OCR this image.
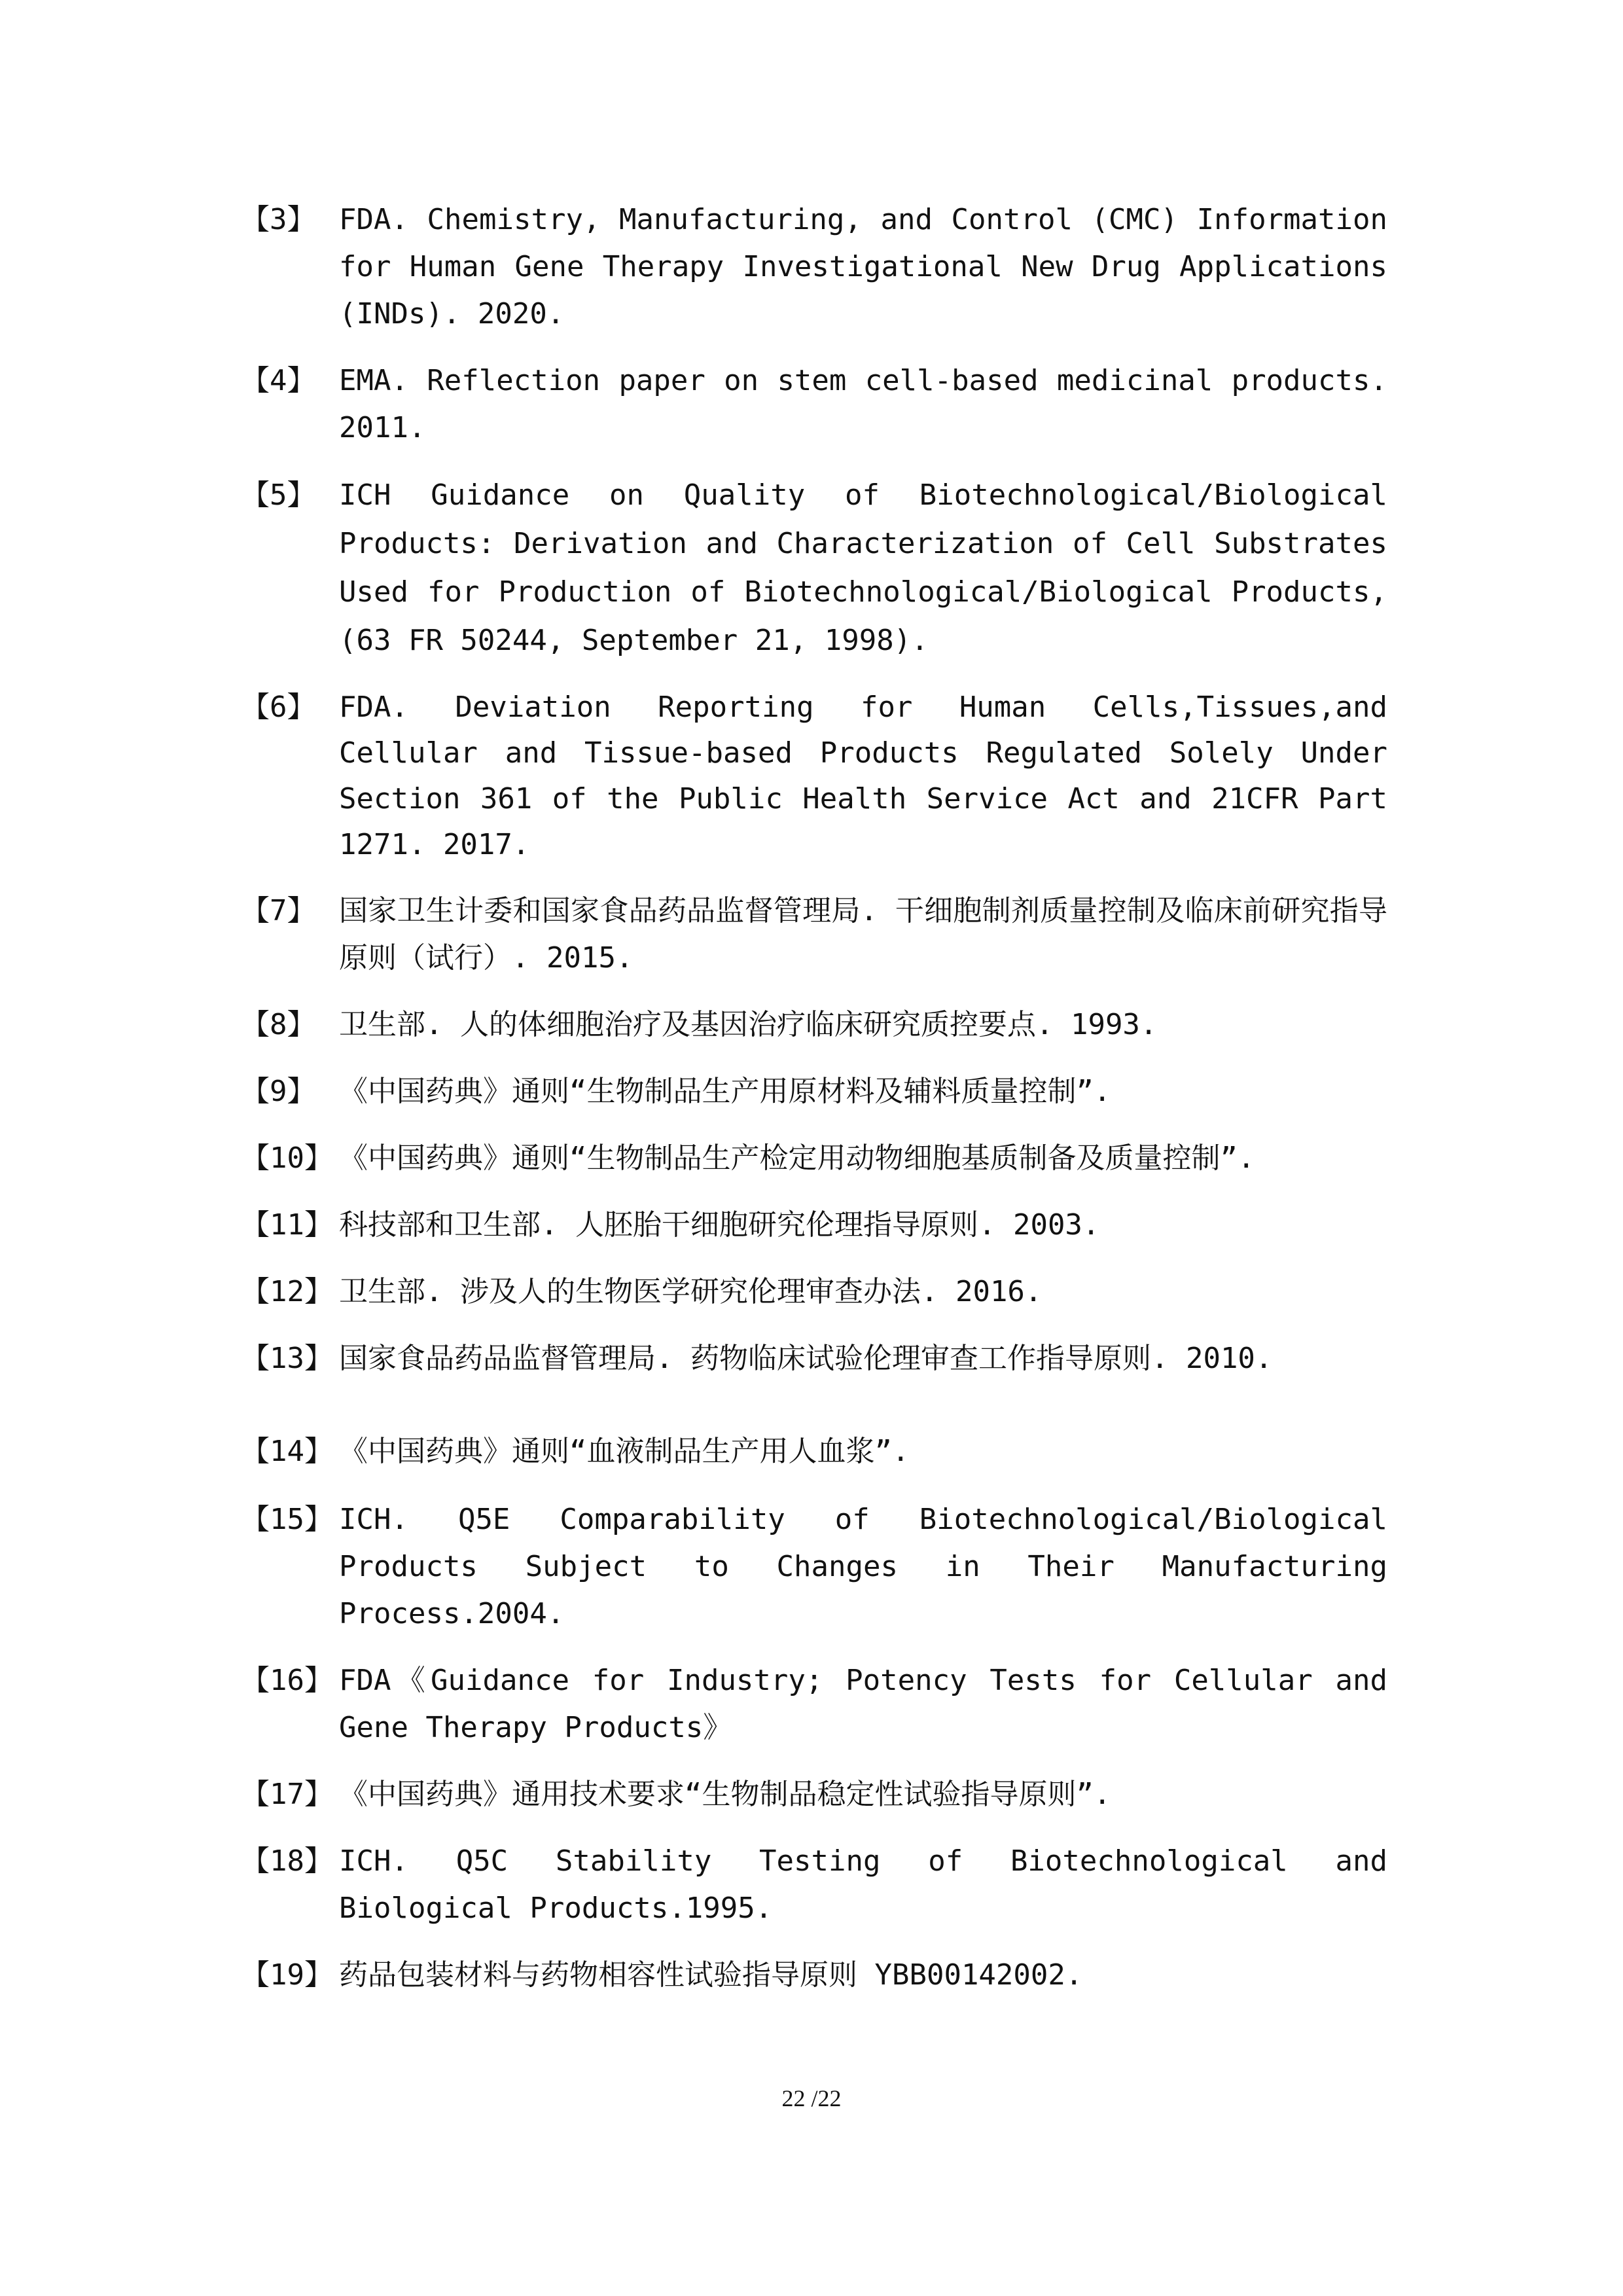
【3】 FDA. Chemistry, Manufacturing, and Control (CMC) Information for Human Gene Therapy Investigational New Drug Applications (INDs). 2020.
【4】 EMA. Reflection paper on stem cell-based medicinal products. 2011.
【5】 ICH Guidance on Quality of Biotechnological/Biological Products: Derivation and Characterization of Cell Substrates Used for Production of Biotechnological/Biological Products, (63 FR 50244, September 21, 1998).
【6】 FDA. Deviation Reporting for Human Cells,Tissues,and Cellular and Tissue-based Products Regulated Solely Under Section 361 of the Public Health Service Act and 21CFR Part 1271. 2017.
【7】 国家卫生计委和国家食品药品监督管理局. 干细胞制剂质量控制及临床前研究指导原则（试行）. 2015.
【8】 卫生部. 人的体细胞治疗及基因治疗临床研究质控要点. 1993.
【9】 《中国药典》通则“生物制品生产用原材料及辅料质量控制”.
【10】 《中国药典》通则“生物制品生产检定用动物细胞基质制备及质量控制”.
【11】 科技部和卫生部. 人胚胎干细胞研究伦理指导原则. 2003.
【12】 卫生部. 涉及人的生物医学研究伦理审查办法. 2016.
【13】 国家食品药品监督管理局. 药物临床试验伦理审查工作指导原则. 2010.
【14】 《中国药典》通则“血液制品生产用人血浆”.
【15】 ICH. Q5E Comparability of Biotechnological/Biological Products Subject to Changes in Their Manufacturing Process.2004.
【16】 FDA《Guidance for Industry; Potency Tests for Cellular and Gene Therapy Products》
【17】 《中国药典》通用技术要求“生物制品稳定性试验指导原则”.
【18】 ICH. Q5C Stability Testing of Biotechnological and Biological Products.1995.
【19】 药品包装材料与药物相容性试验指导原则 YBB00142002.
22 /22
